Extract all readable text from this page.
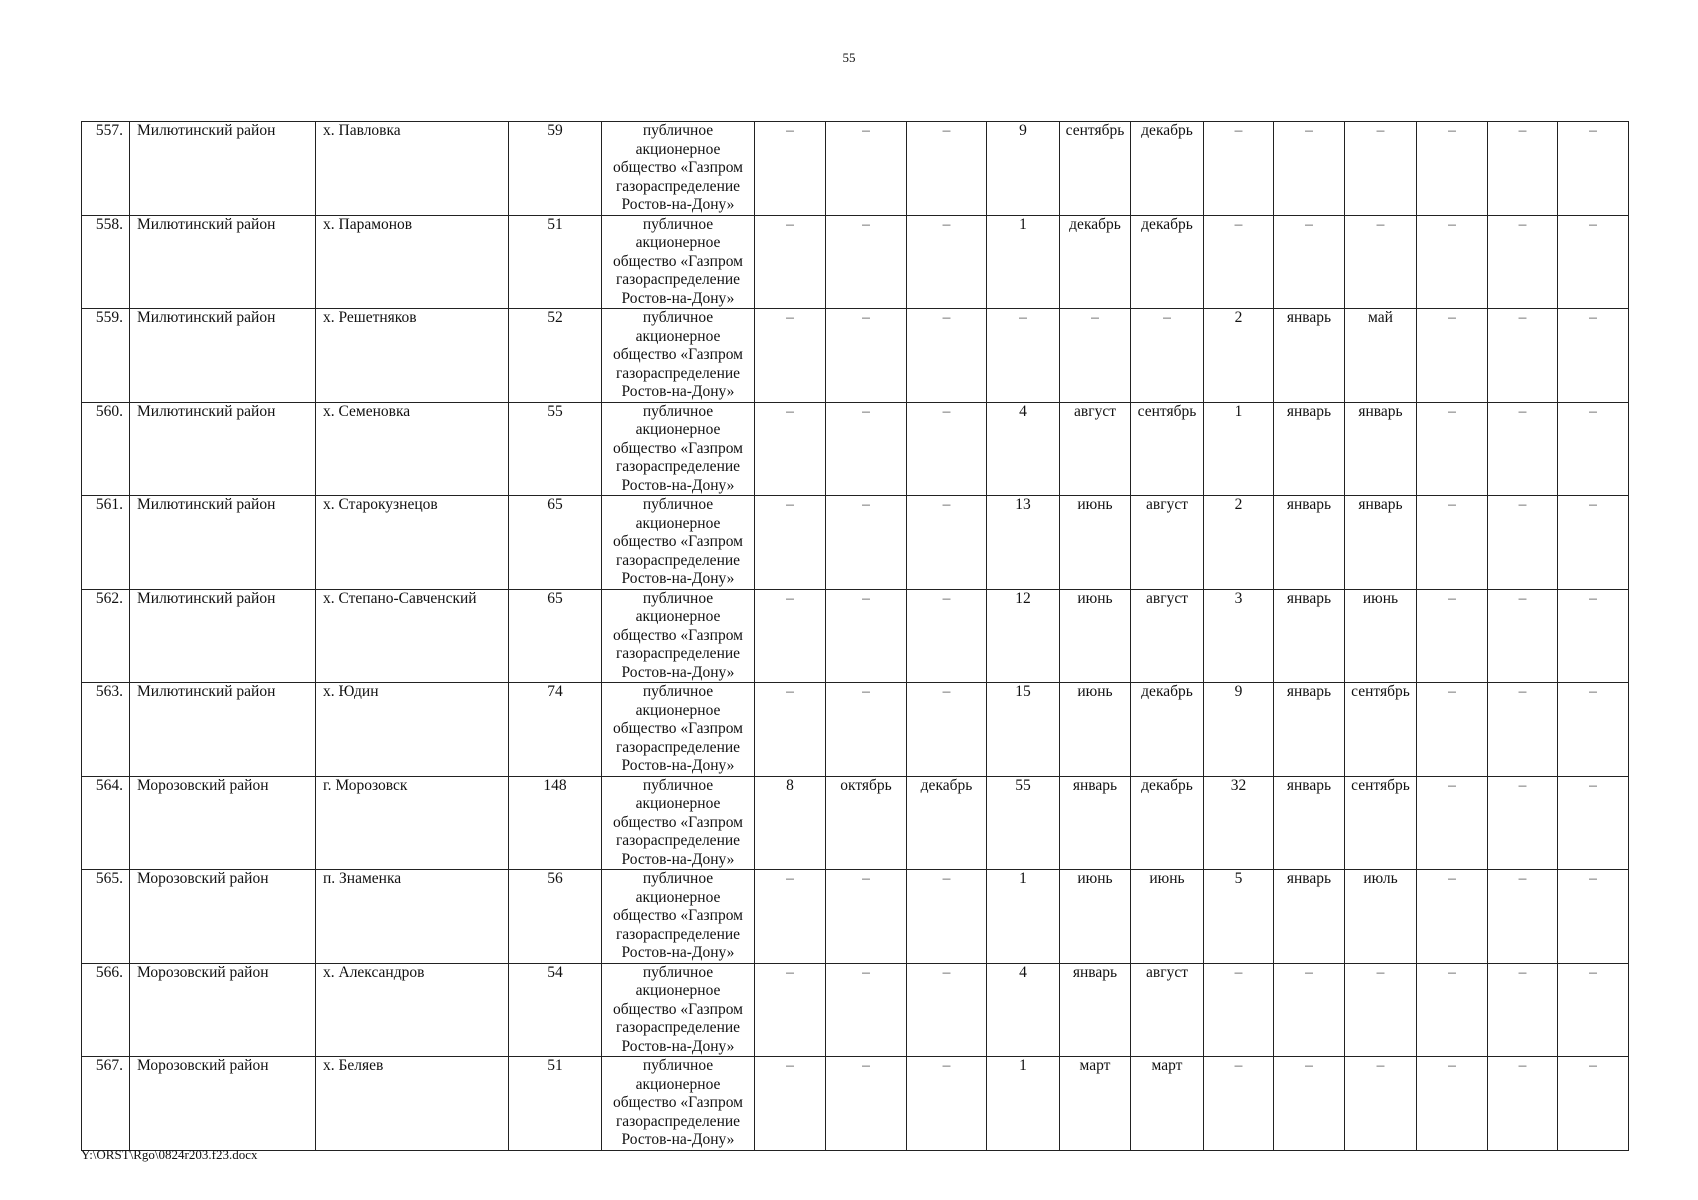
55
557.	Милютинский район	х. Павловка	59	публичное акционерное общество «Газпром газораспределение Ростов-на-Дону»	–	–	–	9	сентябрь	декабрь	–	–	–	–	–	–
558.	Милютинский район	х. Парамонов	51	публичное акционерное общество «Газпром газораспределение Ростов-на-Дону»	–	–	–	1	декабрь	декабрь	–	–	–	–	–	–
559.	Милютинский район	х. Решетняков	52	публичное акционерное общество «Газпром газораспределение Ростов-на-Дону»	–	–	–	–	–	–	2	январь	май	–	–	–
560.	Милютинский район	х. Семеновка	55	публичное акционерное общество «Газпром газораспределение Ростов-на-Дону»	–	–	–	4	август	сентябрь	1	январь	январь	–	–	–
561.	Милютинский район	х. Старокузнецов	65	публичное акционерное общество «Газпром газораспределение Ростов-на-Дону»	–	–	–	13	июнь	август	2	январь	январь	–	–	–
562.	Милютинский район	х. Степано-Савченский	65	публичное акционерное общество «Газпром газораспределение Ростов-на-Дону»	–	–	–	12	июнь	август	3	январь	июнь	–	–	–
563.	Милютинский район	х. Юдин	74	публичное акционерное общество «Газпром газораспределение Ростов-на-Дону»	–	–	–	15	июнь	декабрь	9	январь	сентябрь	–	–	–
564.	Морозовский район	г. Морозовск	148	публичное акционерное общество «Газпром газораспределение Ростов-на-Дону»	8	октябрь	декабрь	55	январь	декабрь	32	январь	сентябрь	–	–	–
565.	Морозовский район	п. Знаменка	56	публичное акционерное общество «Газпром газораспределение Ростов-на-Дону»	–	–	–	1	июнь	июнь	5	январь	июль	–	–	–
566.	Морозовский район	х. Александров	54	публичное акционерное общество «Газпром газораспределение Ростов-на-Дону»	–	–	–	4	январь	август	–	–	–	–	–	–
567.	Морозовский район	х. Беляев	51	публичное акционерное общество «Газпром газораспределение Ростов-на-Дону»	–	–	–	1	март	март	–	–	–	–	–	–
Y:\ORST\Rgo\0824r203.f23.docx
